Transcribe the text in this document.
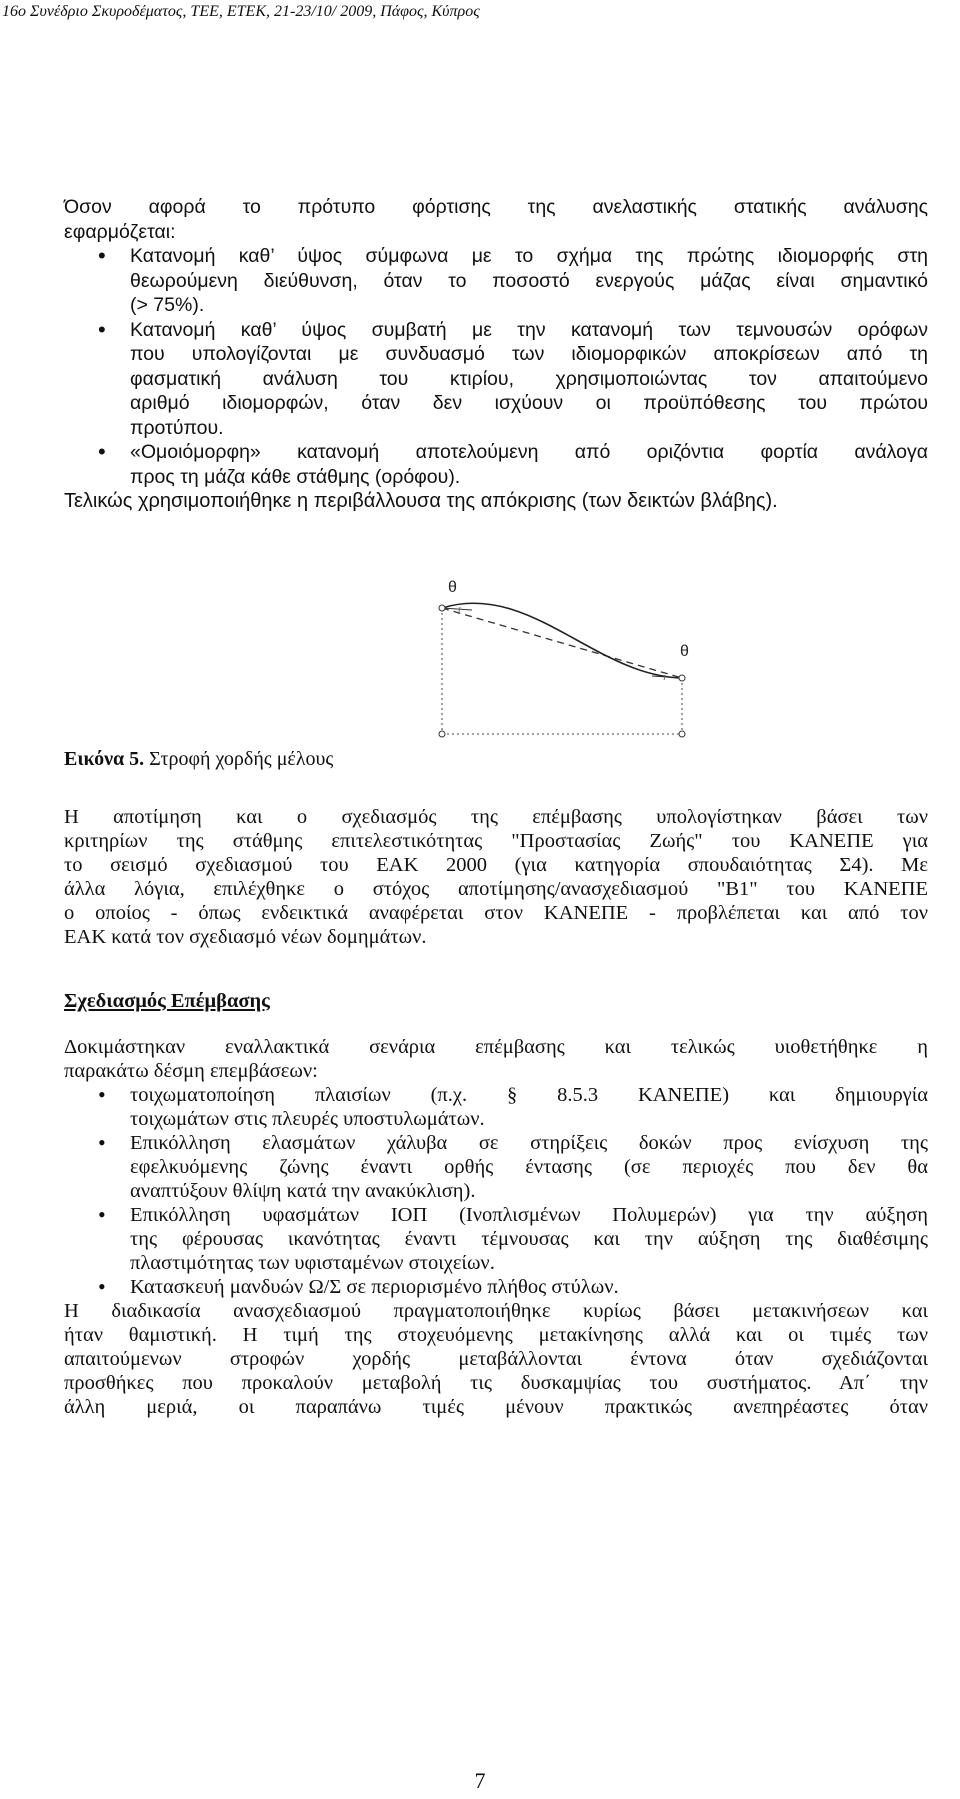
16ο Συνέδριο Σκυροδέματος, ΤΕΕ, ΕΤΕΚ, 21-23/10/ 2009, Πάφος, Κύπρος
Όσον αφορά το πρότυπο φόρτισης της ανελαστικής στατικής ανάλυσης
εφαρμόζεται:
• Κατανομή καθ’ ύψος σύμφωνα με το σχήμα της πρώτης ιδιομορφής στη
θεωρούμενη διεύθυνση, όταν το ποσοστό ενεργούς μάζας είναι σημαντικό
(> 75%).
• Κατανομή καθ’ ύψος συμβατή με την κατανομή των τεμνουσών ορόφων
που υπολογίζονται με συνδυασμό των ιδιομορφικών αποκρίσεων από τη
φασματική ανάλυση του κτιρίου, χρησιμοποιώντας τον απαιτούμενο
αριθμό ιδιομορφών, όταν δεν ισχύουν οι προϋπόθεσης του πρώτου
προτύπου.
• «Ομοιόμορφη» κατανομή αποτελούμενη από οριζόντια φορτία ανάλογα
προς τη μάζα κάθε στάθμης (ορόφου).
Τελικώς χρησιμοποιήθηκε η περιβάλλουσα της απόκρισης (των δεικτών βλάβης).
θ
θ
Εικόνα 5. Στροφή χορδής μέλους
Η αποτίμηση και ο σχεδιασμός της επέμβασης υπολογίστηκαν βάσει των
κριτηρίων της στάθμης επιτελεστικότητας "Προστασίας Ζωής" του ΚΑΝΕΠΕ για
το σεισμό σχεδιασμού του ΕΑΚ 2000 (για κατηγορία σπουδαιότητας Σ4). Με
άλλα λόγια, επιλέχθηκε ο στόχος αποτίμησης/ανασχεδιασμού "Β1" του ΚΑΝΕΠΕ
ο οποίος - όπως ενδεικτικά αναφέρεται στον ΚΑΝΕΠΕ - προβλέπεται και από τον
ΕΑΚ κατά τον σχεδιασμό νέων δομημάτων.
Σχεδιασμός Επέμβασης
Δοκιμάστηκαν εναλλακτικά σενάρια επέμβασης και τελικώς υιοθετήθηκε η
παρακάτω δέσμη επεμβάσεων:
• τοιχωματοποίηση πλαισίων (π.χ. § 8.5.3 ΚΑΝΕΠΕ) και δημιουργία
τοιχωμάτων στις πλευρές υποστυλωμάτων.
• Επικόλληση ελασμάτων χάλυβα σε στηρίξεις δοκών προς ενίσχυση της
εφελκυόμενης ζώνης έναντι ορθής έντασης (σε περιοχές που δεν θα
αναπτύξουν θλίψη κατά την ανακύκλιση).
• Επικόλληση υφασμάτων ΙΟΠ (Ινοπλισμένων Πολυμερών) για την αύξηση
της φέρουσας ικανότητας έναντι τέμνουσας και την αύξηση της διαθέσιμης
πλαστιμότητας των υφισταμένων στοιχείων.
• Κατασκευή μανδυών Ω/Σ σε περιορισμένο πλήθος στύλων.
Η διαδικασία ανασχεδιασμού πραγματοποιήθηκε κυρίως βάσει μετακινήσεων και
ήταν θαμιστική. Η τιμή της στοχευόμενης μετακίνησης αλλά και οι τιμές των
απαιτούμενων στροφών χορδής μεταβάλλονται έντονα όταν σχεδιάζονται
προσθήκες που προκαλούν μεταβολή τις δυσκαμψίας του συστήματος. Απ΄ την
άλλη μεριά, οι παραπάνω τιμές μένουν πρακτικώς ανεπηρέαστες όταν
7
